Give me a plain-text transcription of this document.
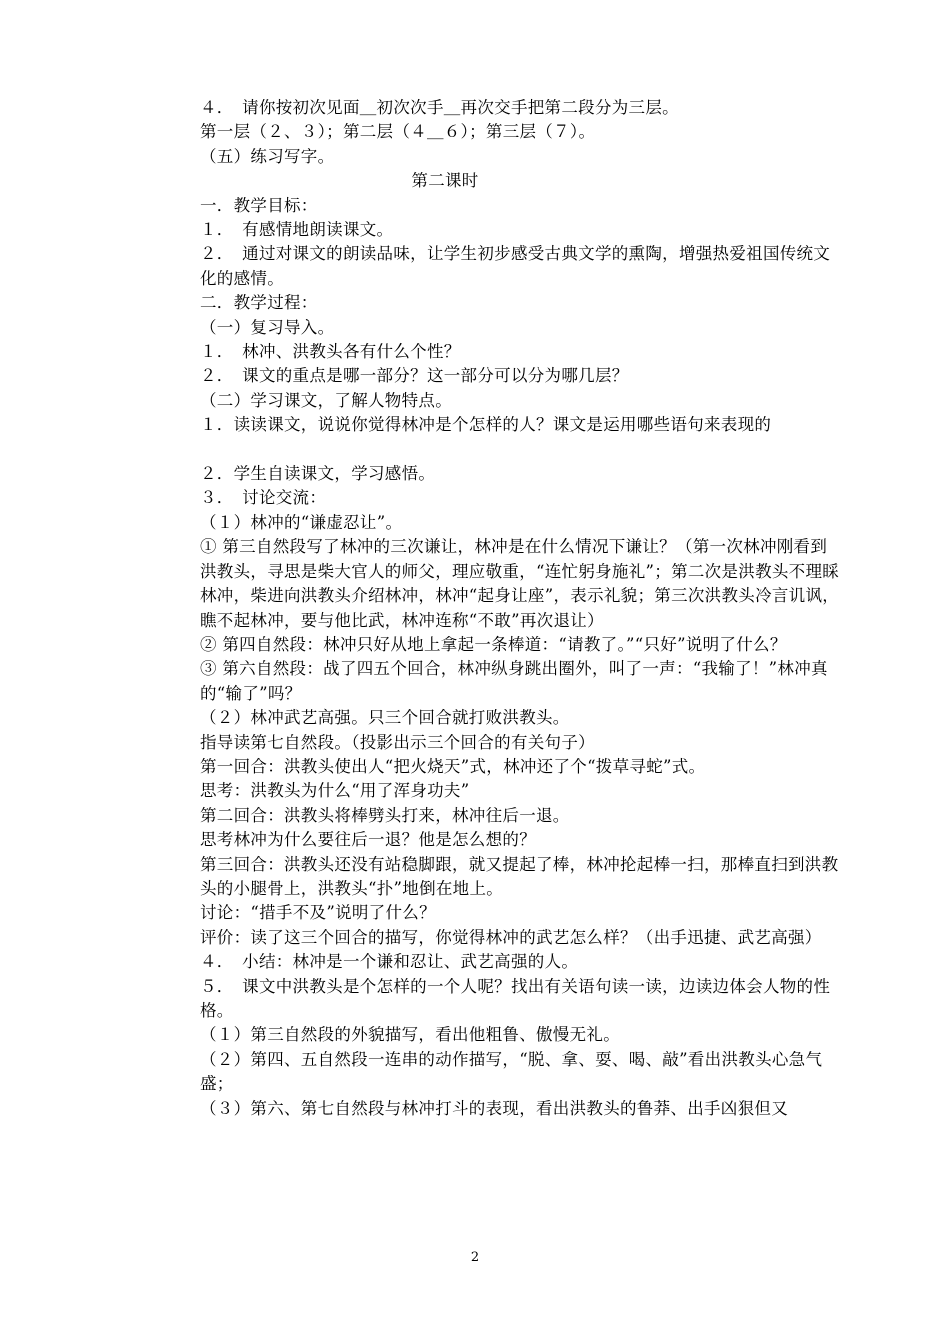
４．　请你按初次见面＿初次次手＿再次交手把第二段分为三层。

第一层（２、３）；第二层（４＿６）；第三层（７）。

（五）练习写字。

第二课时

一．教学目标：

１．　有感情地朗读课文。

２．　通过对课文的朗读品味，让学生初步感受古典文学的熏陶，增强热爱祖国传统文化的感情。

二．教学过程：

（一）复习导入。

１．　林冲、洪教头各有什么个性？

２．　课文的重点是哪一部分？这一部分可以分为哪几层？

（二）学习课文，了解人物特点。

１．读读课文，说说你觉得林冲是个怎样的人？课文是运用哪些语句来表现的

２．学生自读课文，学习感悟。

３．　讨论交流：

（１）林冲的“谦虚忍让”。

① 第三自然段写了林冲的三次谦让，林冲是在什么情况下谦让？（第一次林冲刚看到洪教头，寻思是柴大官人的师父，理应敬重，“连忙躬身施礼”；第二次是洪教头不理睬林冲，柴进向洪教头介绍林冲，林冲“起身让座”，表示礼貌；第三次洪教头冷言讥讽，瞧不起林冲，要与他比武，林冲连称“不敢”再次退让）

② 第四自然段：林冲只好从地上拿起一条棒道：“请教了。”“只好”说明了什么？

③ 第六自然段：战了四五个回合，林冲纵身跳出圈外，叫了一声：“我输了！”林冲真的“输了”吗？

（２）林冲武艺高强。只三个回合就打败洪教头。

指导读第七自然段。（投影出示三个回合的有关句子）

第一回合：洪教头使出人“把火烧天”式，林冲还了个“拨草寻蛇”式。

思考：洪教头为什么“用了浑身功夫”

第二回合：洪教头将棒劈头打来，林冲往后一退。

思考林冲为什么要往后一退？他是怎么想的？

第三回合：洪教头还没有站稳脚跟，就又提起了棒，林冲抡起棒一扫，那棒直扫到洪教头的小腿骨上，洪教头“扑”地倒在地上。

讨论：“措手不及”说明了什么？

评价：读了这三个回合的描写，你觉得林冲的武艺怎么样？（出手迅捷、武艺高强）

４．　小结：林冲是一个谦和忍让、武艺高强的人。

５．　课文中洪教头是个怎样的一个人呢？找出有关语句读一读，边读边体会人物的性格。

（１）第三自然段的外貌描写，看出他粗鲁、傲慢无礼。

（２）第四、五自然段一连串的动作描写，“脱、拿、耍、喝、敲”看出洪教头心急气盛；

（３）第六、第七自然段与林冲打斗的表现，看出洪教头的鲁莽、出手凶狠但又

2
